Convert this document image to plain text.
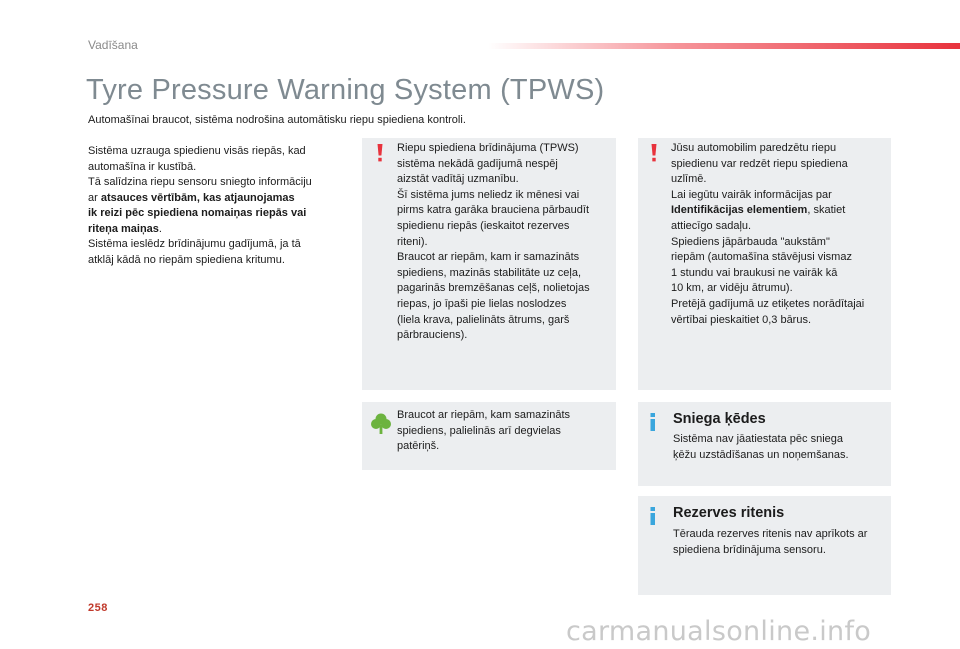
Vadīšana
Tyre Pressure Warning System (TPWS)
Automašīnai braucot, sistēma nodrošina automātisku riepu spiediena kontroli.

Sistēma uzrauga spiedienu visās riepās, kad

automašīna ir kustībā.

Tā salīdzina riepu sensoru sniegto informāciju

ar atsauces vērtībām, kas atjaunojamas

ik reizi pēc spiediena nomaiņas riepās vai

riteņa maiņas.

Sistēma ieslēdz brīdinājumu gadījumā, ja tā

atklāj kādā no riepām spiediena kritumu.

Riepu spiediena brīdinājuma (TPWS)

sistēma nekādā gadījumā nespēj

aizstāt vadītāj uzmanību.

Šī sistēma jums neliedz ik mēnesi vai

pirms katra garāka brauciena pārbaudīt

spiedienu riepās (ieskaitot rezerves

riteni).

Braucot ar riepām, kam ir samazināts

spiediens, mazinās stabilitāte uz ceļa,

pagarinās bremzēšanas ceļš, nolietojas

riepas, jo īpaši pie lielas noslodzes

(liela krava, palielināts ātrums, garš

pārbrauciens).

Jūsu automobilim paredzētu riepu

spiedienu var redzēt riepu spiediena

uzlīmē.

Lai iegūtu vairāk informācijas par

Identifikācijas elementiem, skatiet

attiecīgo sadaļu.

Spiediens jāpārbauda "aukstām"

riepām (automašīna stāvējusi vismaz

1 stundu vai braukusi ne vairāk kā

10 km, ar vidēju ātrumu).

Pretējā gadījumā uz etiķetes norādītajai

vērtībai pieskaitiet 0,3 bārus.

Braucot ar riepām, kam samazināts

spiediens, palielinās arī degvielas

patēriņš.

Sniega ķēdes

Sistēma nav jāatiestata pēc sniega

ķēžu uzstādīšanas un noņemšanas.

Rezerves ritenis

Tērauda rezerves ritenis nav aprīkots ar

spiediena brīdinājuma sensoru.

258
carmanualsonline.info
